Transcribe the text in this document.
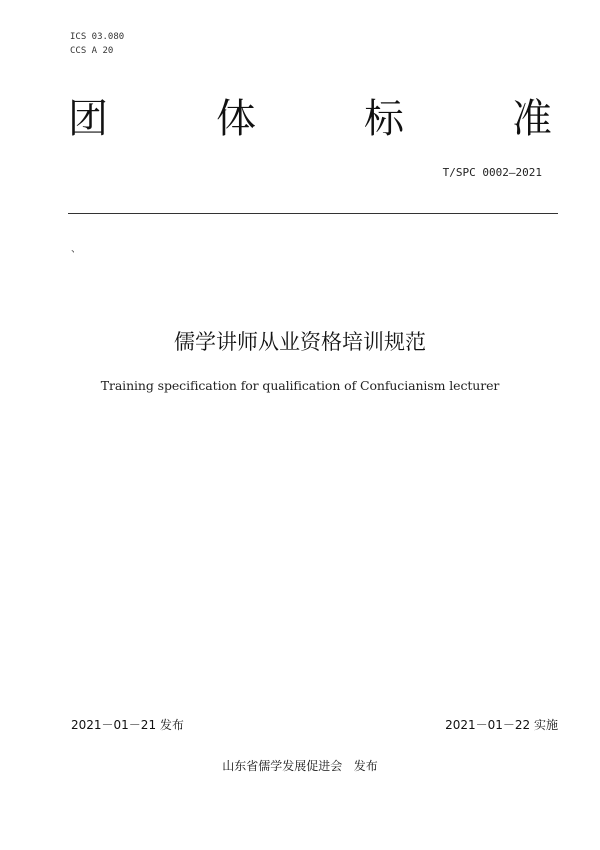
ICS 03.080
CCS A 20
团	体	标	准
T/SPC 0002—2021
、
儒学讲师从业资格培训规范
Training specification for qualification of Confucianism lecturer
2021－01－21 发布	2021－01－22 实施
山东省儒学发展促进会 发布
